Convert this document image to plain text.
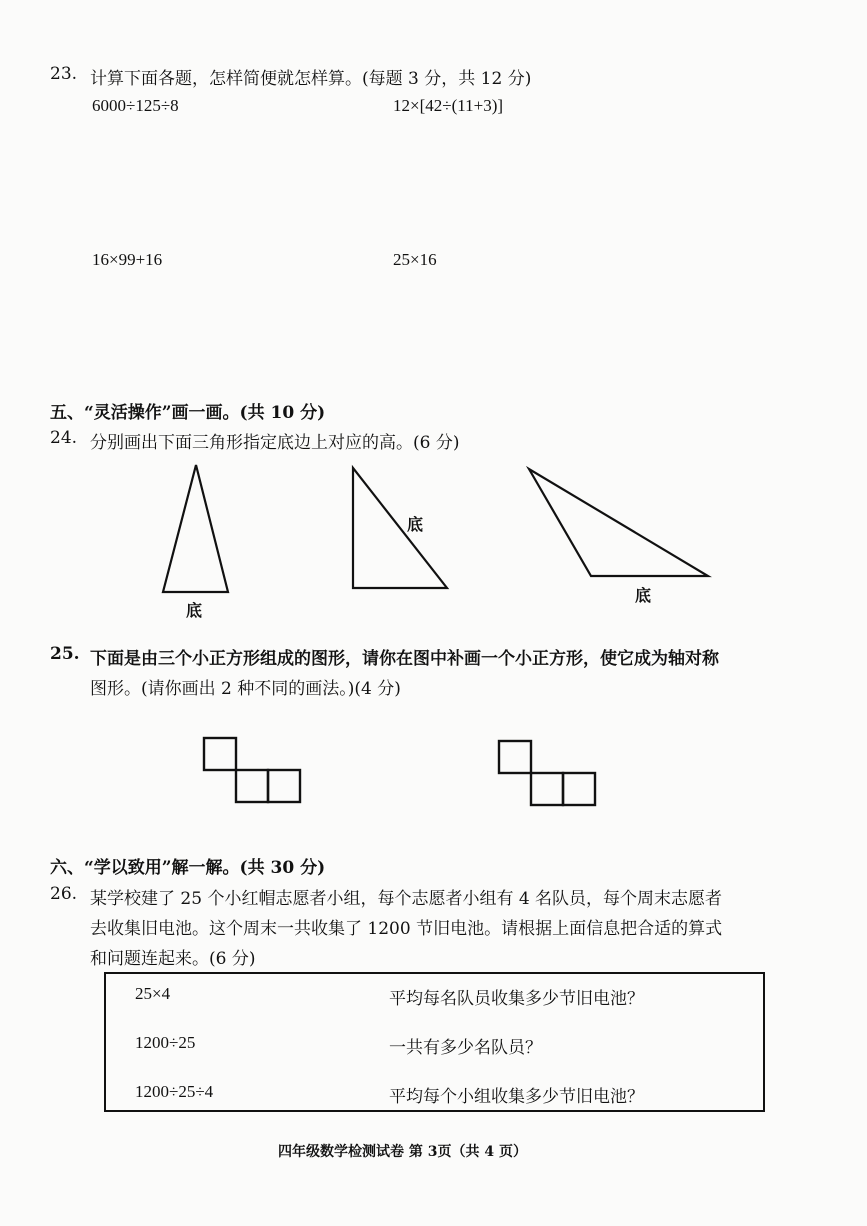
23. 计算下面各题，怎样简便就怎样算。(每题 3 分，共 12 分)
6000÷125÷8	12×[42÷(11+3)]
16×99+16	25×16
五、“灵活操作”画一画。(共 10 分)
24. 分别画出下面三角形指定底边上对应的高。(6 分)
底
底
底
25. 下面是由三个小正方形组成的图形，请你在图中补画一个小正方形，使它成为轴对称
图形。(请你画出 2 种不同的画法。)(4 分)
六、“学以致用”解一解。(共 30 分)
26. 某学校建了 25 个小红帽志愿者小组，每个志愿者小组有 4 名队员，每个周末志愿者
去收集旧电池。这个周末一共收集了 1200 节旧电池。请根据上面信息把合适的算式
和问题连起来。(6 分)
25×4	平均每名队员收集多少节旧电池？
1200÷25	一共有多少名队员？
1200÷25÷4	平均每个小组收集多少节旧电池？
四年级数学检测试卷 第 3页（共 4 页）
